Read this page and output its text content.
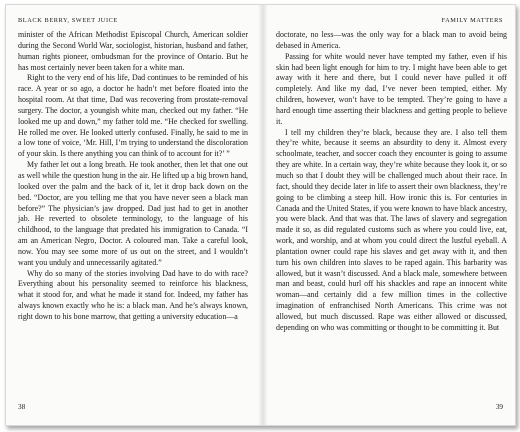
BLACK BERRY, SWEET JUICE

minister of the African Methodist Episcopal Church, American soldier during the Second World War, sociologist, historian, husband and father, human rights pioneer, ombudsman for the province of Ontario. But he has most certainly never been taken for a white man.

Right to the very end of his life, Dad continues to be reminded of his race. A year or so ago, a doctor he hadn’t met before floated into the hospital room. At that time, Dad was recovering from prostate-removal surgery. The doctor, a youngish white man, checked out my father. “He looked me up and down,” my father told me. “He checked for swelling. He rolled me over. He looked utterly confused. Finally, he said to me in a low tone of voice, ‘Mr. Hill, I’m trying to understand the discoloration of your skin. Is there anything you can think of to account for it?’ ”

My father let out a long breath. He took another, then let that one out as well while the question hung in the air. He lifted up a big brown hand, looked over the palm and the back of it, let it drop back down on the bed. “Doctor, are you telling me that you have never seen a black man before?” The physician’s jaw dropped. Dad just had to get in another jab. He reverted to obsolete terminology, to the language of his childhood, to the language that predated his immigration to Canada. “I am an American Negro, Doctor. A coloured man. Take a careful look, now. You may see some more of us out on the street, and I wouldn’t want you unduly and unnecessarily agitated.”

Why do so many of the stories involving Dad have to do with race? Everything about his personality seemed to reinforce his blackness, what it stood for, and what he made it stand for. Indeed, my father has always known exactly who he is: a black man. And he’s always known, right down to his bone marrow, that getting a university education—a

38
FAMILY MATTERS

doctorate, no less—was the only way for a black man to avoid being debased in America.

Passing for white would never have tempted my father, even if his skin had been light enough for him to try. I might have been able to get away with it here and there, but I could never have pulled it off completely. And like my dad, I’ve never been tempted, either. My children, however, won’t have to be tempted. They’re going to have a hard enough time asserting their blackness and getting people to believe it.

I tell my children they’re black, because they are. I also tell them they’re white, because it seems an absurdity to deny it. Almost every schoolmate, teacher, and soccer coach they encounter is going to assume they are white. In a certain way, they’re white because they look it, or so much so that I doubt they will be challenged much about their race. In fact, should they decide later in life to assert their own blackness, they’re going to be climbing a steep hill. How ironic this is. For centuries in Canada and the United States, if you were known to have black ancestry, you were black. And that was that. The laws of slavery and segregation made it so, as did regulated customs such as where you could live, eat, work, and worship, and at whom you could direct the lustful eyeball. A plantation owner could rape his slaves and get away with it, and then turn his own children into slaves to be raped again. This barbarity was allowed, but it wasn’t discussed. And a black male, somewhere between man and beast, could hurl off his shackles and rape an innocent white woman—and certainly did a few million times in the collective imagination of enfranchised North Americans. This crime was not allowed, but much discussed. Rape was either allowed or discussed, depending on who was committing or thought to be committing it. But

39
